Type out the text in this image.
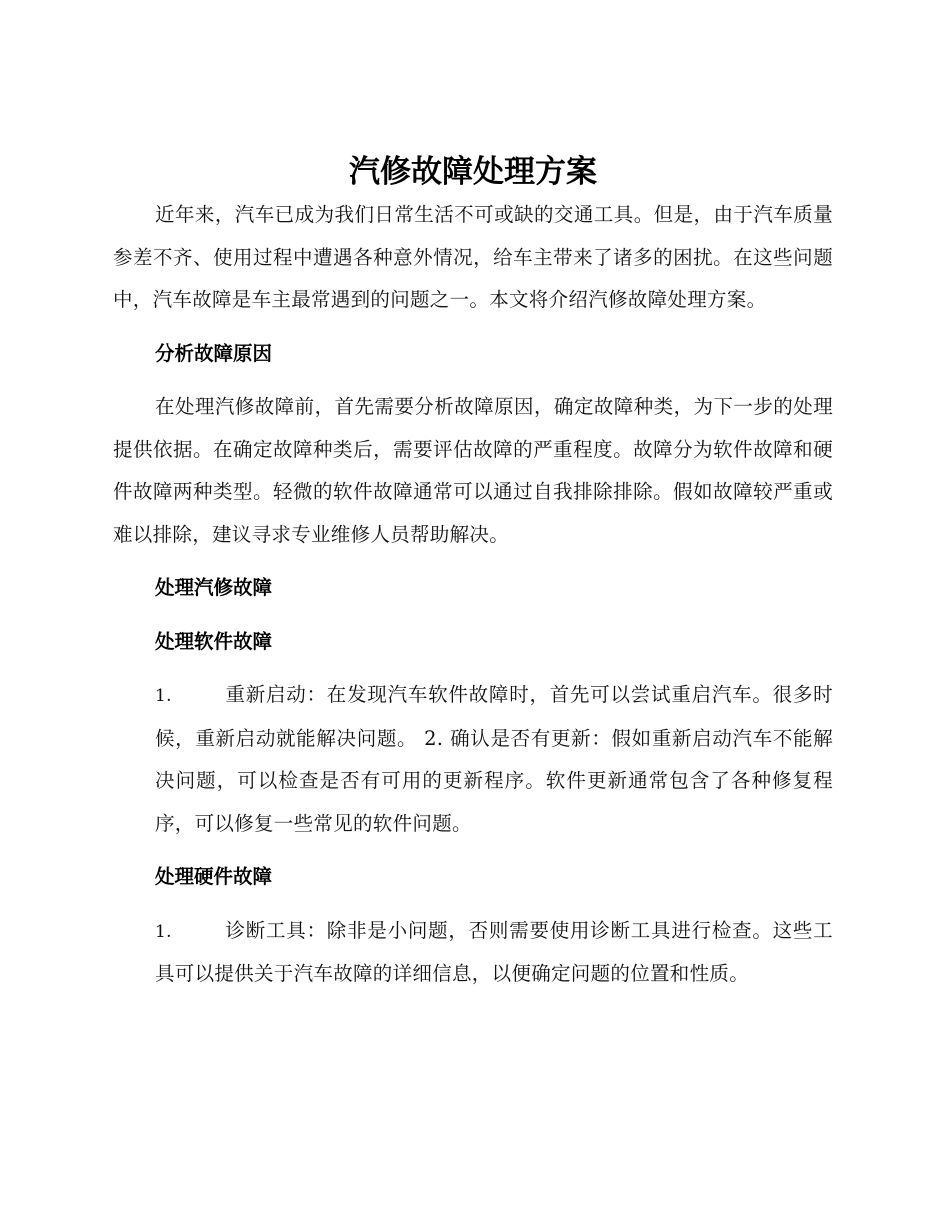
汽修故障处理方案

近年来，汽车已成为我们日常生活不可或缺的交通工具。但是，由于汽车质量参差不齐、使用过程中遭遇各种意外情况，给车主带来了诸多的困扰。在这些问题中，汽车故障是车主最常遇到的问题之一。本文将介绍汽修故障处理方案。

分析故障原因

在处理汽修故障前，首先需要分析故障原因，确定故障种类，为下一步的处理提供依据。在确定故障种类后，需要评估故障的严重程度。故障分为软件故障和硬件故障两种类型。轻微的软件故障通常可以通过自我排除排除。假如故障较严重或难以排除，建议寻求专业维修人员帮助解决。

处理汽修故障
处理软件故障

1.	重新启动：在发现汽车软件故障时，首先可以尝试重启汽车。很多时候，重新启动就能解决问题。 2. 确认是否有更新：假如重新启动汽车不能解决问题，可以检查是否有可用的更新程序。软件更新通常包含了各种修复程序，可以修复一些常见的软件问题。

处理硬件故障

1.	诊断工具：除非是小问题，否则需要使用诊断工具进行检查。这些工具可以提供关于汽车故障的详细信息，以便确定问题的位置和性质。
